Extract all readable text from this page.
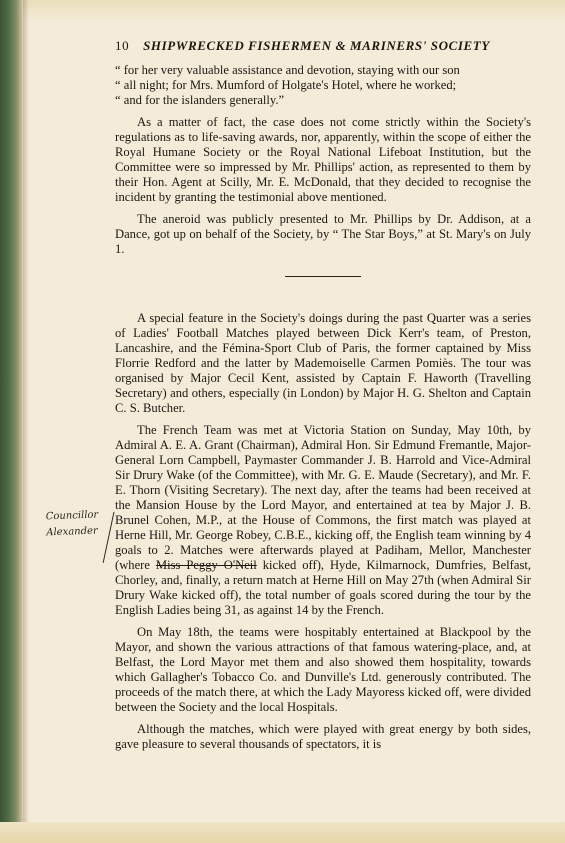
10 SHIPWRECKED FISHERMEN & MARINERS' SOCIETY

“ for her very valuable assistance and devotion, staying with our son
“ all night; for Mrs. Mumford of Holgate's Hotel, where he worked;
“ and for the islanders generally.”

As a matter of fact, the case does not come strictly within the Society's regulations as to life-saving awards, nor, apparently, within the scope of either the Royal Humane Society or the Royal National Lifeboat Institution, but the Committee were so impressed by Mr. Phillips' action, as represented to them by their Hon. Agent at Scilly, Mr. E. McDonald, that they decided to recognise the incident by granting the testimonial above mentioned.

The aneroid was publicly presented to Mr. Phillips by Dr. Addison, at a Dance, got up on behalf of the Society, by “ The Star Boys,” at St. Mary's on July 1.

A special feature in the Society's doings during the past Quarter was a series of Ladies' Football Matches played between Dick Kerr's team, of Preston, Lancashire, and the Fémina-Sport Club of Paris, the former captained by Miss Florrie Redford and the latter by Mademoiselle Carmen Pomiès. The tour was organised by Major Cecil Kent, assisted by Captain F. Haworth (Travelling Secretary) and others, especially (in London) by Major H. G. Shelton and Captain C. S. Butcher.

The French Team was met at Victoria Station on Sunday, May 10th, by Admiral A. E. A. Grant (Chairman), Admiral Hon. Sir Edmund Fremantle, Major-General Lorn Campbell, Paymaster Commander J. B. Harrold and Vice-Admiral Sir Drury Wake (of the Committee), with Mr. G. E. Maude (Secretary), and Mr. F. E. Thorn (Visiting Secretary). The next day, after the teams had been received at the Mansion House by the Lord Mayor, and entertained at tea by Major J. B. Brunel Cohen, M.P., at the House of Commons, the first match was played at Herne Hill, Mr. George Robey, C.B.E., kicking off, the English team winning by 4 goals to 2. Matches were afterwards played at Padiham, Mellor, Manchester (where Miss Peggy O'Neil kicked off), Hyde, Kilmarnock, Dumfries, Belfast, Chorley, and, finally, a return match at Herne Hill on May 27th (when Admiral Sir Drury Wake kicked off), the total number of goals scored during the tour by the English Ladies being 31, as against 14 by the French.

On May 18th, the teams were hospitably entertained at Blackpool by the Mayor, and shown the various attractions of that famous watering-place, and, at Belfast, the Lord Mayor met them and also showed them hospitality, towards which Gallagher's Tobacco Co. and Dunville's Ltd. generously contributed. The proceeds of the match there, at which the Lady Mayoress kicked off, were divided between the Society and the local Hospitals.

Although the matches, which were played with great energy by both sides, gave pleasure to several thousands of spectators, it is

Councillor
Alexander
